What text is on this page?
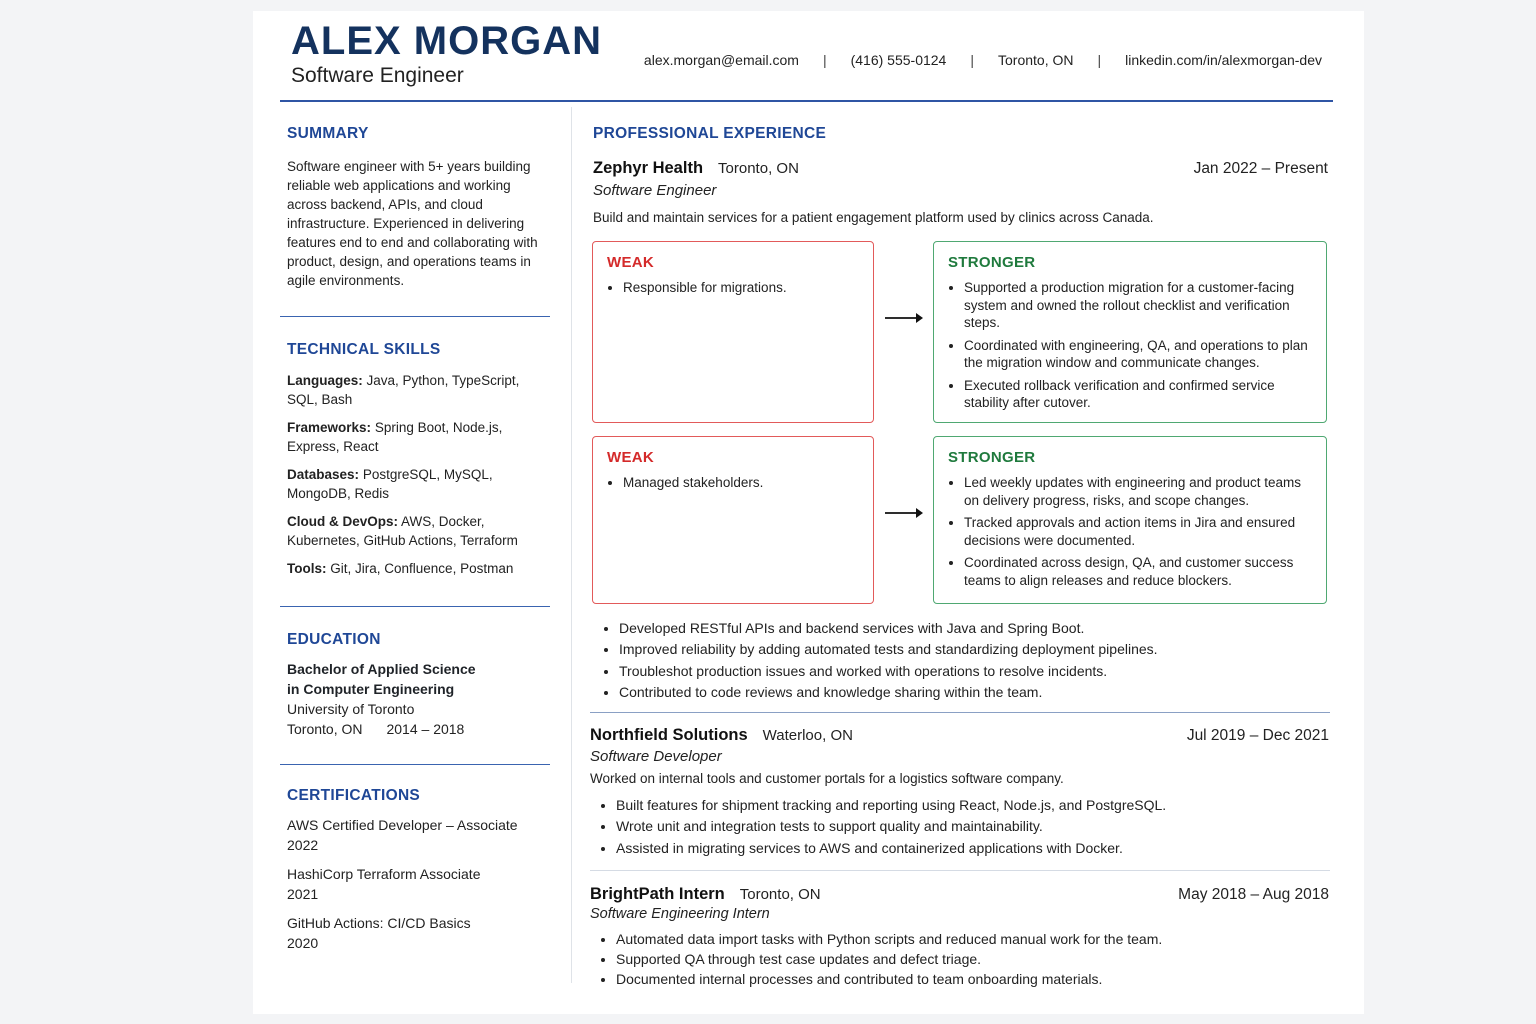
ALEX MORGAN
Software Engineer
alex.morgan@email.com | (416) 555-0124 | Toronto, ON | linkedin.com/in/alexmorgan-dev
SUMMARY
Software engineer with 5+ years building reliable web applications and working across backend, APIs, and cloud infrastructure. Experienced in delivering features end to end and collaborating with product, design, and operations teams in agile environments.
TECHNICAL SKILLS
Languages: Java, Python, TypeScript, SQL, Bash
Frameworks: Spring Boot, Node.js, Express, React
Databases: PostgreSQL, MySQL, MongoDB, Redis
Cloud & DevOps: AWS, Docker, Kubernetes, GitHub Actions, Terraform
Tools: Git, Jira, Confluence, Postman
EDUCATION
Bachelor of Applied Science
in Computer Engineering
University of Toronto
Toronto, ON 2014 – 2018
CERTIFICATIONS
AWS Certified Developer – Associate
2022
HashiCorp Terraform Associate
2021
GitHub Actions: CI/CD Basics
2020
PROFESSIONAL EXPERIENCE
Zephyr Health Toronto, ON	Jan 2022 – Present
Software Engineer
Build and maintain services for a patient engagement platform used by clinics across Canada.
WEAK
• Responsible for migrations.
STRONGER
• Supported a production migration for a customer-facing system and owned the rollout checklist and verification steps.
• Coordinated with engineering, QA, and operations to plan the migration window and communicate changes.
• Executed rollback verification and confirmed service stability after cutover.
WEAK
• Managed stakeholders.
STRONGER
• Led weekly updates with engineering and product teams on delivery progress, risks, and scope changes.
• Tracked approvals and action items in Jira and ensured decisions were documented.
• Coordinated across design, QA, and customer success teams to align releases and reduce blockers.
• Developed RESTful APIs and backend services with Java and Spring Boot.
• Improved reliability by adding automated tests and standardizing deployment pipelines.
• Troubleshot production issues and worked with operations to resolve incidents.
• Contributed to code reviews and knowledge sharing within the team.
Northfield Solutions Waterloo, ON	Jul 2019 – Dec 2021
Software Developer
Worked on internal tools and customer portals for a logistics software company.
• Built features for shipment tracking and reporting using React, Node.js, and PostgreSQL.
• Wrote unit and integration tests to support quality and maintainability.
• Assisted in migrating services to AWS and containerized applications with Docker.
BrightPath Intern Toronto, ON	May 2018 – Aug 2018
Software Engineering Intern
• Automated data import tasks with Python scripts and reduced manual work for the team.
• Supported QA through test case updates and defect triage.
• Documented internal processes and contributed to team onboarding materials.
